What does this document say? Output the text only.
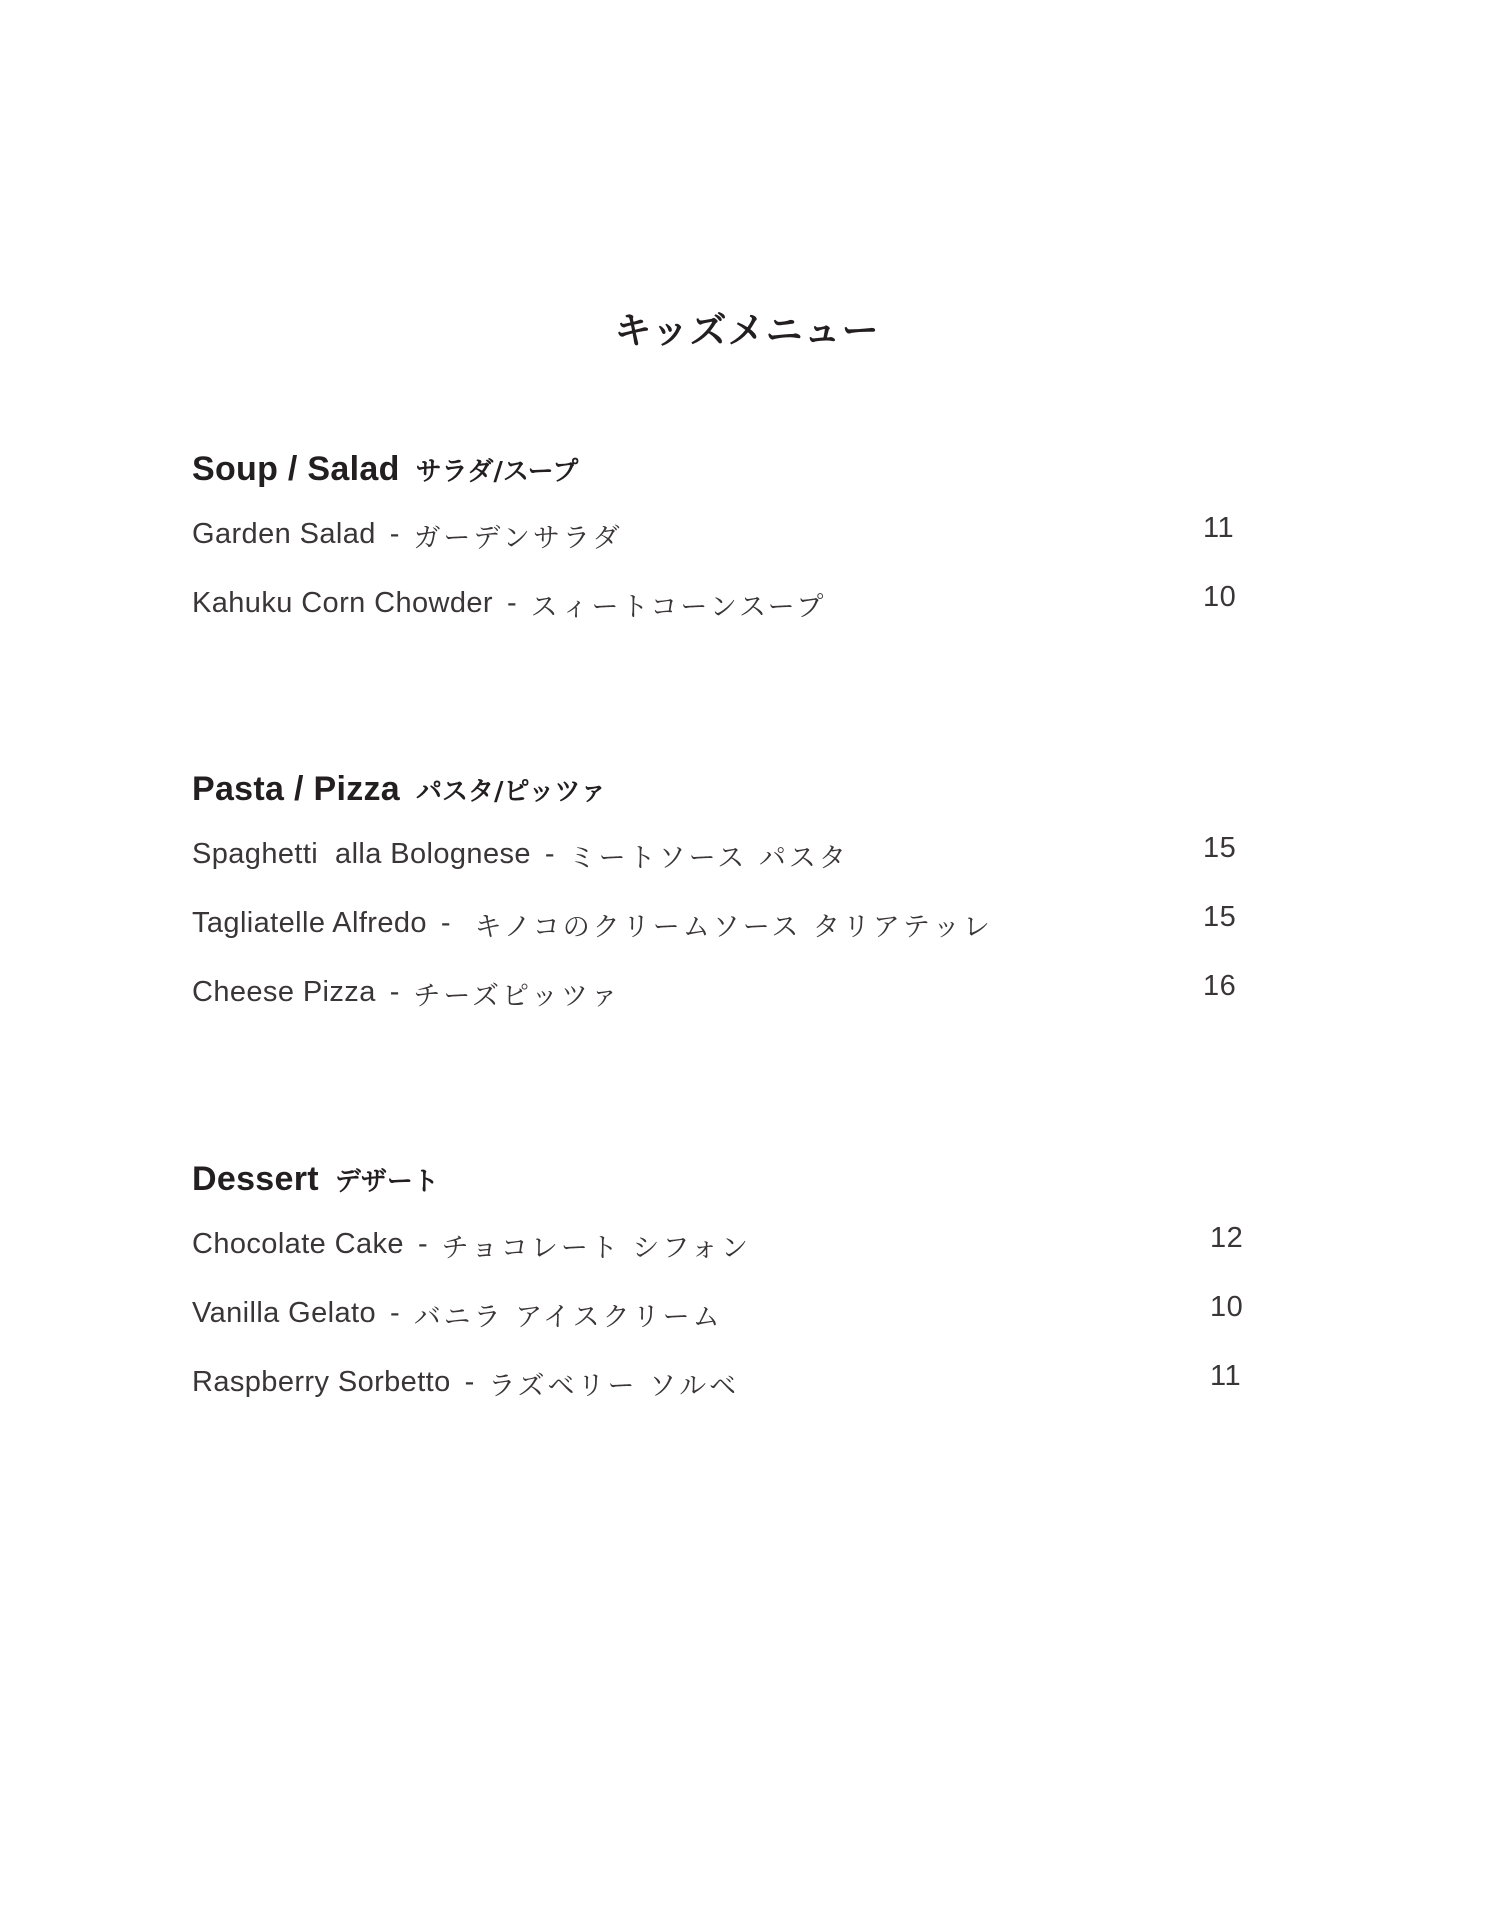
キッズメニュー
Soup / Salad サラダ/スープ
Garden Salad - ガーデンサラダ	11
Kahuku Corn Chowder - スィートコーンスープ	10
Pasta / Pizza パスタ/ピッツァ
Spaghetti  alla Bolognese - ミートソース パスタ	15
Tagliatelle Alfredo - キノコのクリームソース タリアテッレ	15
Cheese Pizza - チーズピッツァ	16
Dessert デザート
Chocolate Cake - チョコレート シフォン	12
Vanilla Gelato - バニラ アイスクリーム	10
Raspberry Sorbetto - ラズベリー ソルベ	11
